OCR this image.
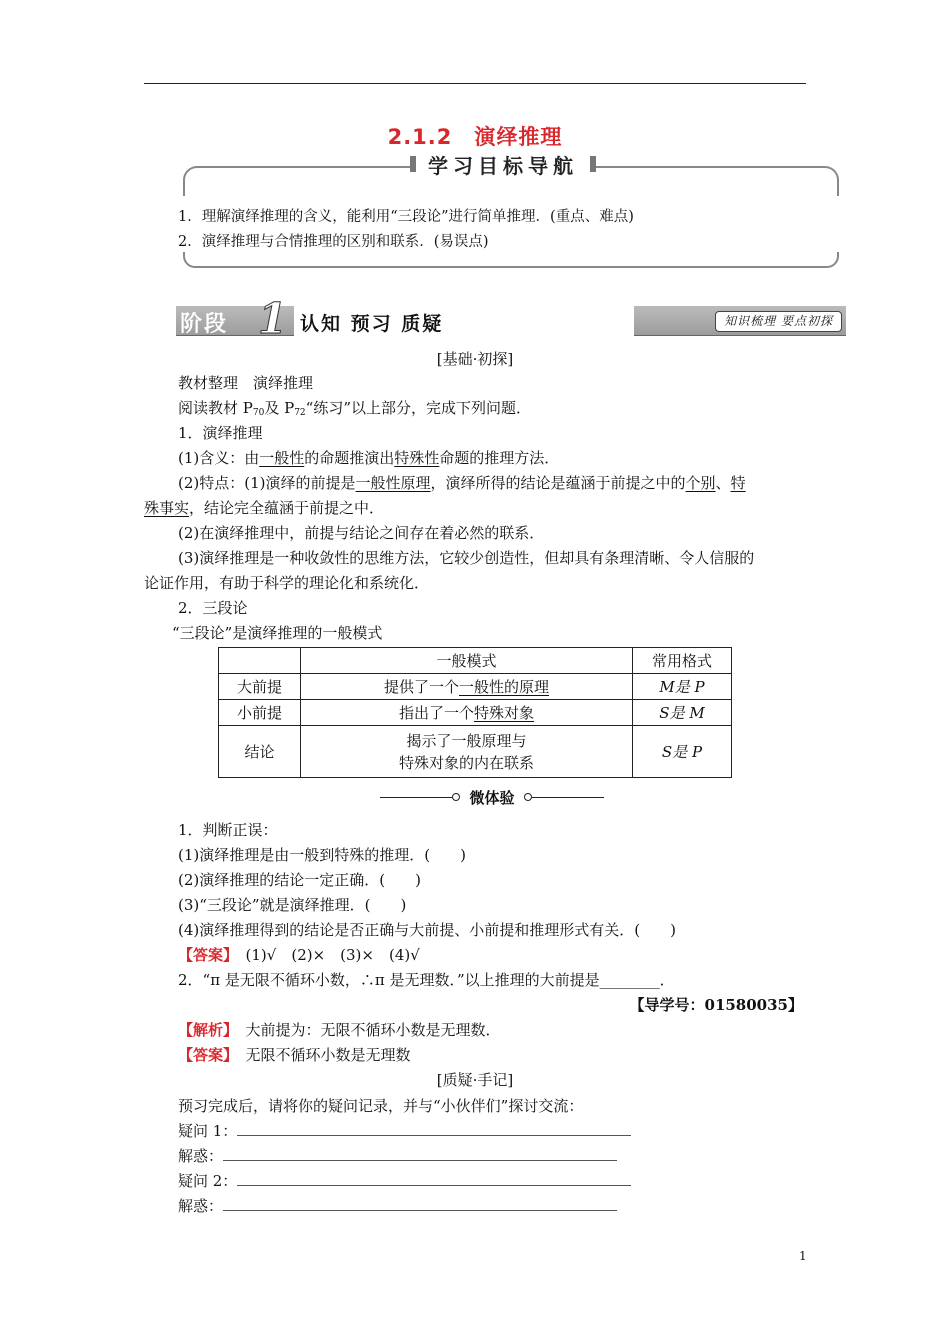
2.1.2　演绎推理
学习目标导航
1．理解演绎推理的含义，能利用“三段论”进行简单推理．(重点、难点)
2．演绎推理与合情推理的区别和联系．(易误点)
阶段 1 认知 预习 质疑	知识梳理 要点初探
[基础·初探]
教材整理　演绎推理
阅读教材 $P_{70}$及 $P_{72}“$练习”以上部分，完成下列问题．
1．演绎推理
(1)含义：由一般性的命题推演出特殊性命题的推理方法．
(2)特点：(1)演绎的前提是一般性原理，演绎所得的结论是蕴涵于前提之中的个别、特
殊事实，结论完全蕴涵于前提之中．
(2)在演绎推理中，前提与结论之间存在着必然的联系．
(3)演绎推理是一种收敛性的思维方法，它较少创造性，但却具有条理清晰、令人信服的
论证作用，有助于科学的理论化和系统化．
2．三段论
“三段论”是演绎推理的一般模式
	一般模式	常用格式
大前提	提供了一个一般性的原理	M是 P
小前提	指出了一个特殊对象	S是 M
结论	揭示了一般原理与
特殊对象的内在联系	S是 P
微体验
1．判断正误：
(1)演绎推理是由一般到特殊的推理．(　　)
(2)演绎推理的结论一定正确．(　　)
(3)“三段论”就是演绎推理．(　　)
(4)演绎推理得到的结论是否正确与大前提、小前提和推理形式有关．(　　)
【答案】　 (1)√　(2)×　(3)×　(4)√
2．“π 是无限不循环小数，∴π 是无理数．”以上推理的大前提是________．
【导学号：01580035】
【解析】　 大前提为：无限不循环小数是无理数．
【答案】　 无限不循环小数是无理数
[质疑·手记]
预习完成后，请将你的疑问记录，并与“小伙伴们”探讨交流：
疑问 1：
解惑：
疑问 2：
解惑：
1
